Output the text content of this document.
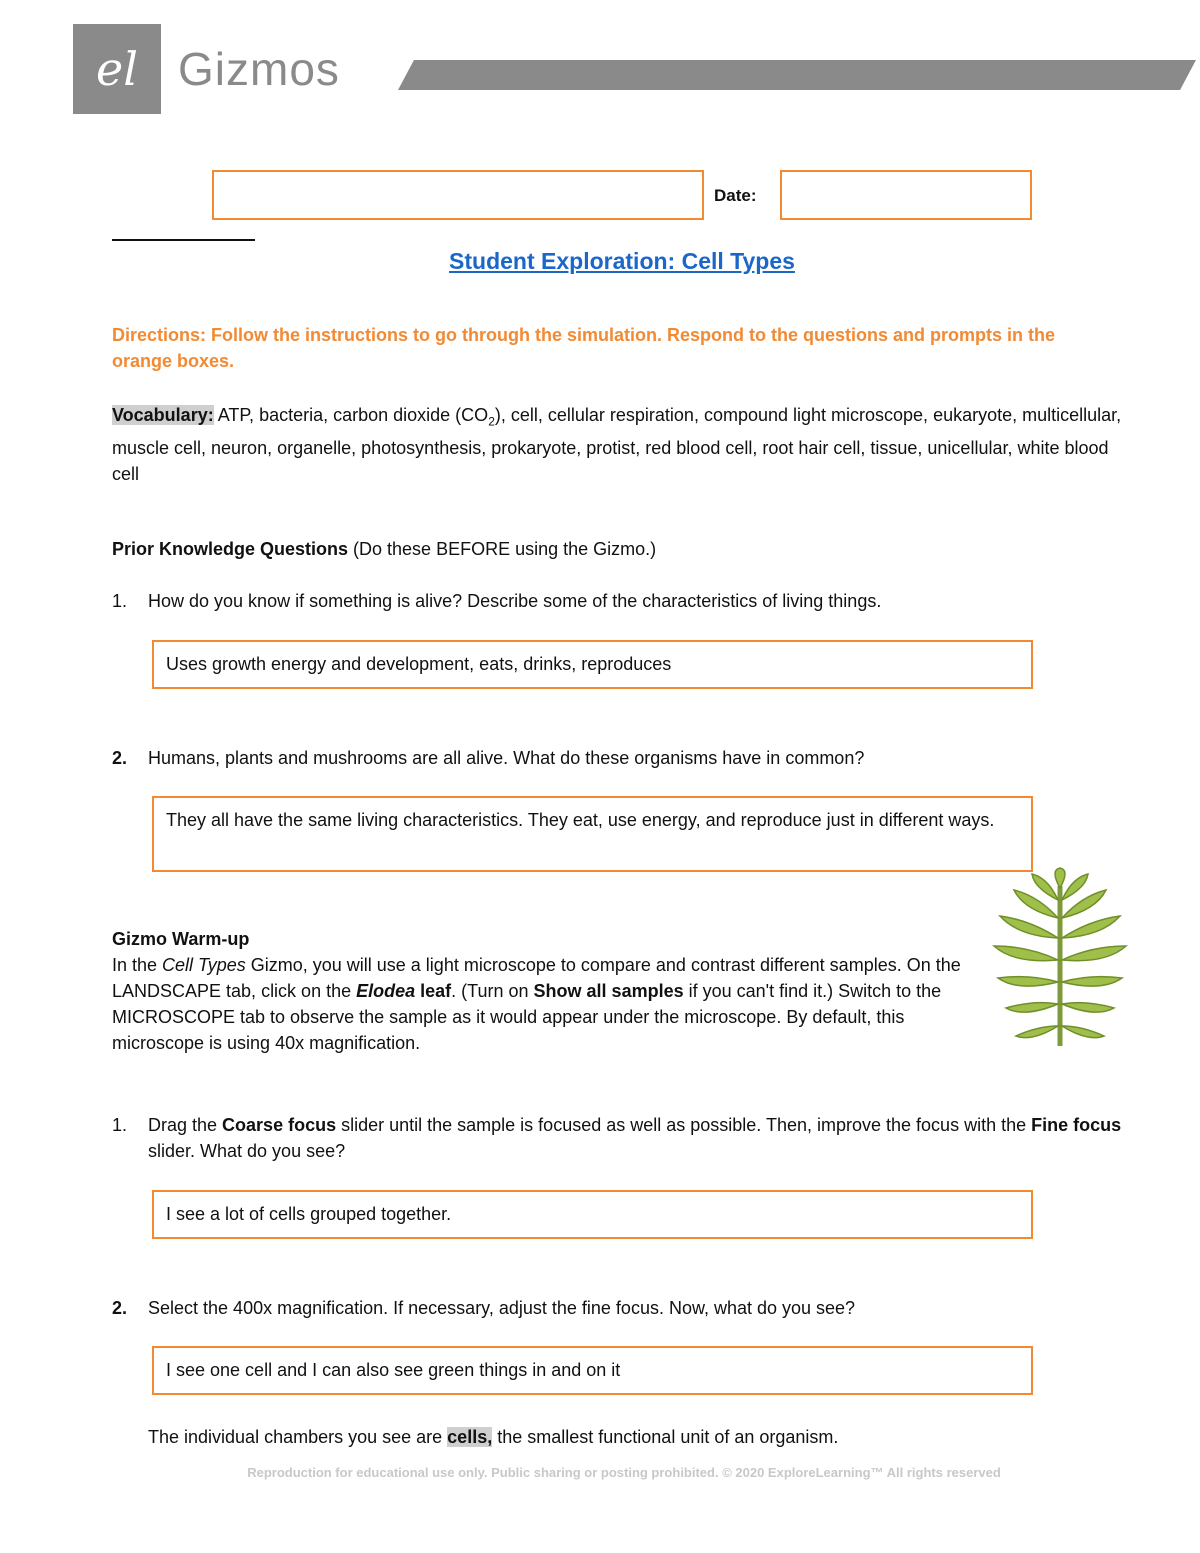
el Gizmos
Date:
Student Exploration: Cell Types
Directions: Follow the instructions to go through the simulation. Respond to the questions and prompts in the orange boxes.
Vocabulary: ATP, bacteria, carbon dioxide $(CO_2)$, cell, cellular respiration, compound light microscope, eukaryote, multicellular, muscle cell, neuron, organelle, photosynthesis, prokaryote, protist, red blood cell, root hair cell, tissue, unicellular, white blood cell
Prior Knowledge Questions (Do these BEFORE using the Gizmo.)
1.	How do you know if something is alive? Describe some of the characteristics of living things.
Uses growth energy and development, eats, drinks, reproduces
2.	Humans, plants and mushrooms are all alive. What do these organisms have in common?
They all have the same living characteristics. They eat, use energy, and reproduce just in different ways.
Gizmo Warm-up
In the Cell Types Gizmo, you will use a light microscope to compare and contrast different samples. On the LANDSCAPE tab, click on the Elodea leaf. (Turn on Show all samples if you can't find it.) Switch to the MICROSCOPE tab to observe the sample as it would appear under the microscope. By default, this microscope is using 40x magnification.
1.	Drag the Coarse focus slider until the sample is focused as well as possible. Then, improve the focus with the Fine focus slider. What do you see?
I see a lot of cells grouped together.
2.	Select the 400x magnification. If necessary, adjust the fine focus. Now, what do you see?
I see one cell and I can also see green things in and on it
The individual chambers you see are cells, the smallest functional unit of an organism.
Reproduction for educational use only. Public sharing or posting prohibited. © 2020 ExploreLearning™ All rights reserved
